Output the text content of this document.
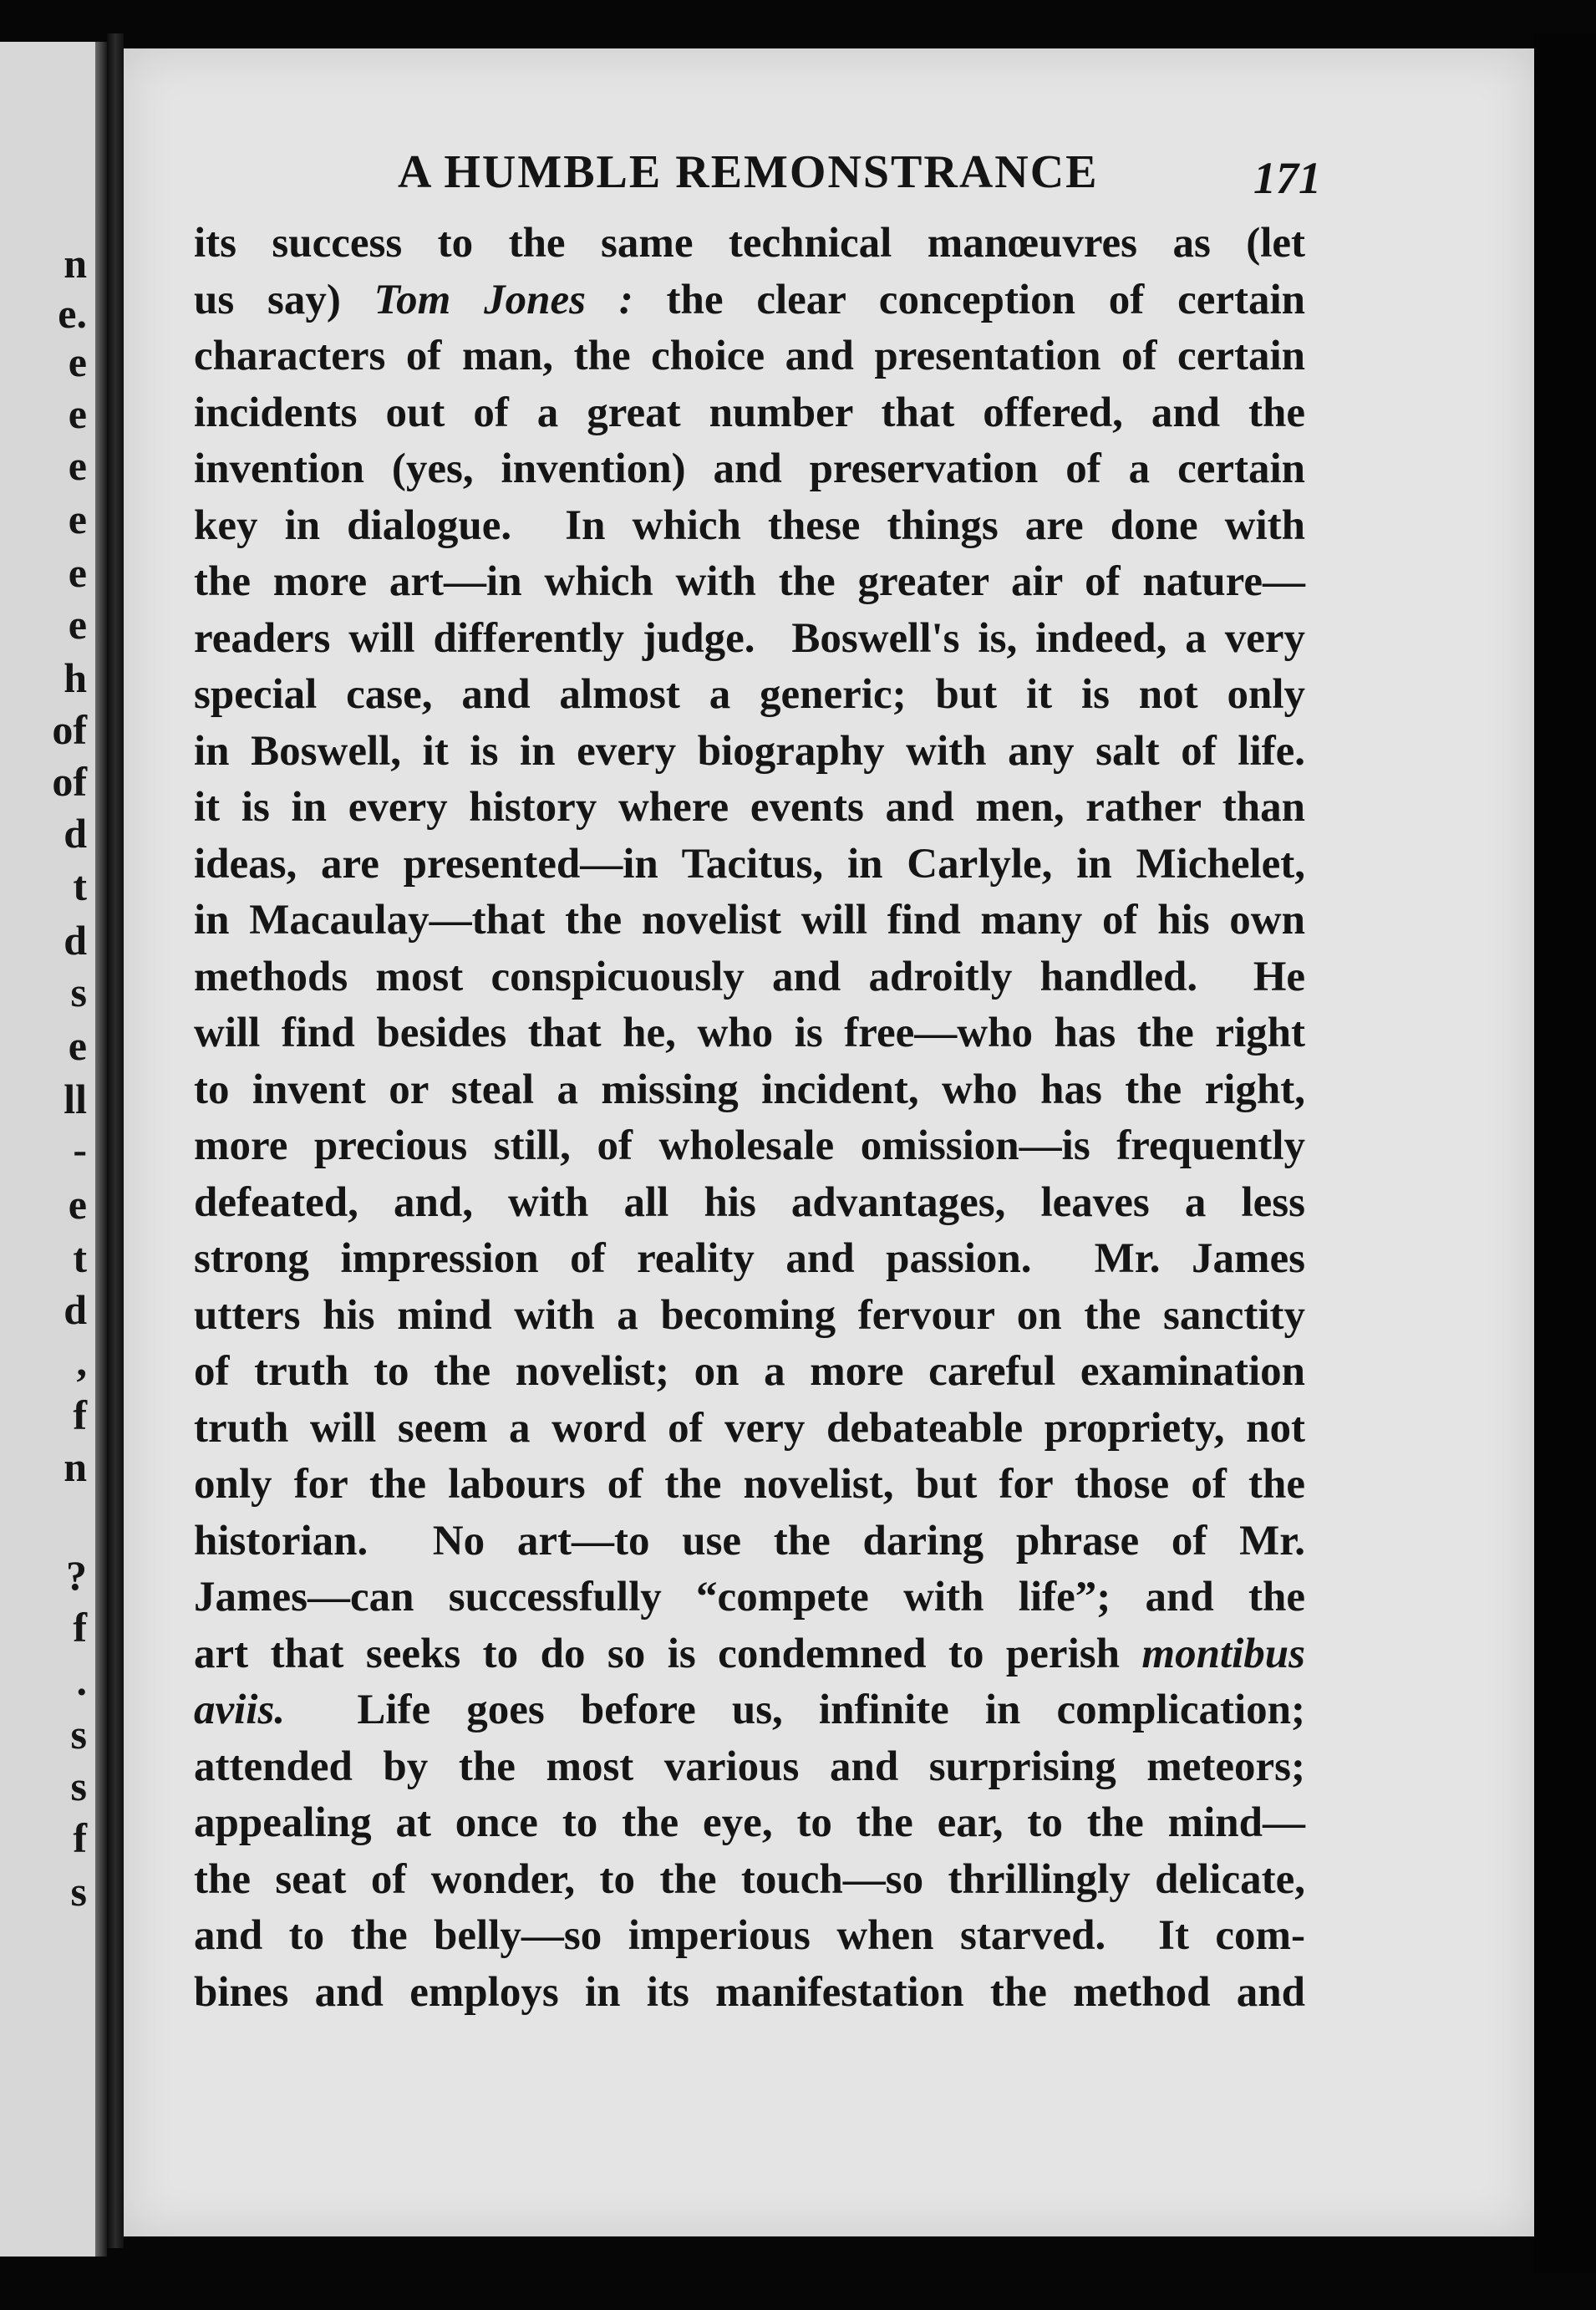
n
e.
e
e
e
e
e
e
h
of
of
d
t
d
s
e
ll
-
e
t
d
,
f
n
?
f
.
s
s
f
s
A HUMBLE REMONSTRANCE	171
its success to the same technical manœuvres as (let
us say) Tom Jones : the clear conception of certain
characters of man, the choice and presentation of certain
incidents out of a great number that offered, and the
invention (yes, invention) and preservation of a certain
key in dialogue.  In which these things are done with
the more art—in which with the greater air of nature—
readers will differently judge.  Boswell's is, indeed, a very
special case, and almost a generic; but it is not only
in Boswell, it is in every biography with any salt of life.
it is in every history where events and men, rather than
ideas, are presented—in Tacitus, in Carlyle, in Michelet,
in Macaulay—that the novelist will find many of his own
methods most conspicuously and adroitly handled.  He
will find besides that he, who is free—who has the right
to invent or steal a missing incident, who has the right,
more precious still, of wholesale omission—is frequently
defeated, and, with all his advantages, leaves a less
strong impression of reality and passion.  Mr. James
utters his mind with a becoming fervour on the sanctity
of truth to the novelist; on a more careful examination
truth will seem a word of very debateable propriety, not
only for the labours of the novelist, but for those of the
historian.  No art—to use the daring phrase of Mr.
James—can successfully “compete with life”; and the
art that seeks to do so is condemned to perish montibus
aviis.  Life goes before us, infinite in complication;
attended by the most various and surprising meteors;
appealing at once to the eye, to the ear, to the mind—
the seat of wonder, to the touch—so thrillingly delicate,
and to the belly—so imperious when starved.  It com-
bines and employs in its manifestation the method and
